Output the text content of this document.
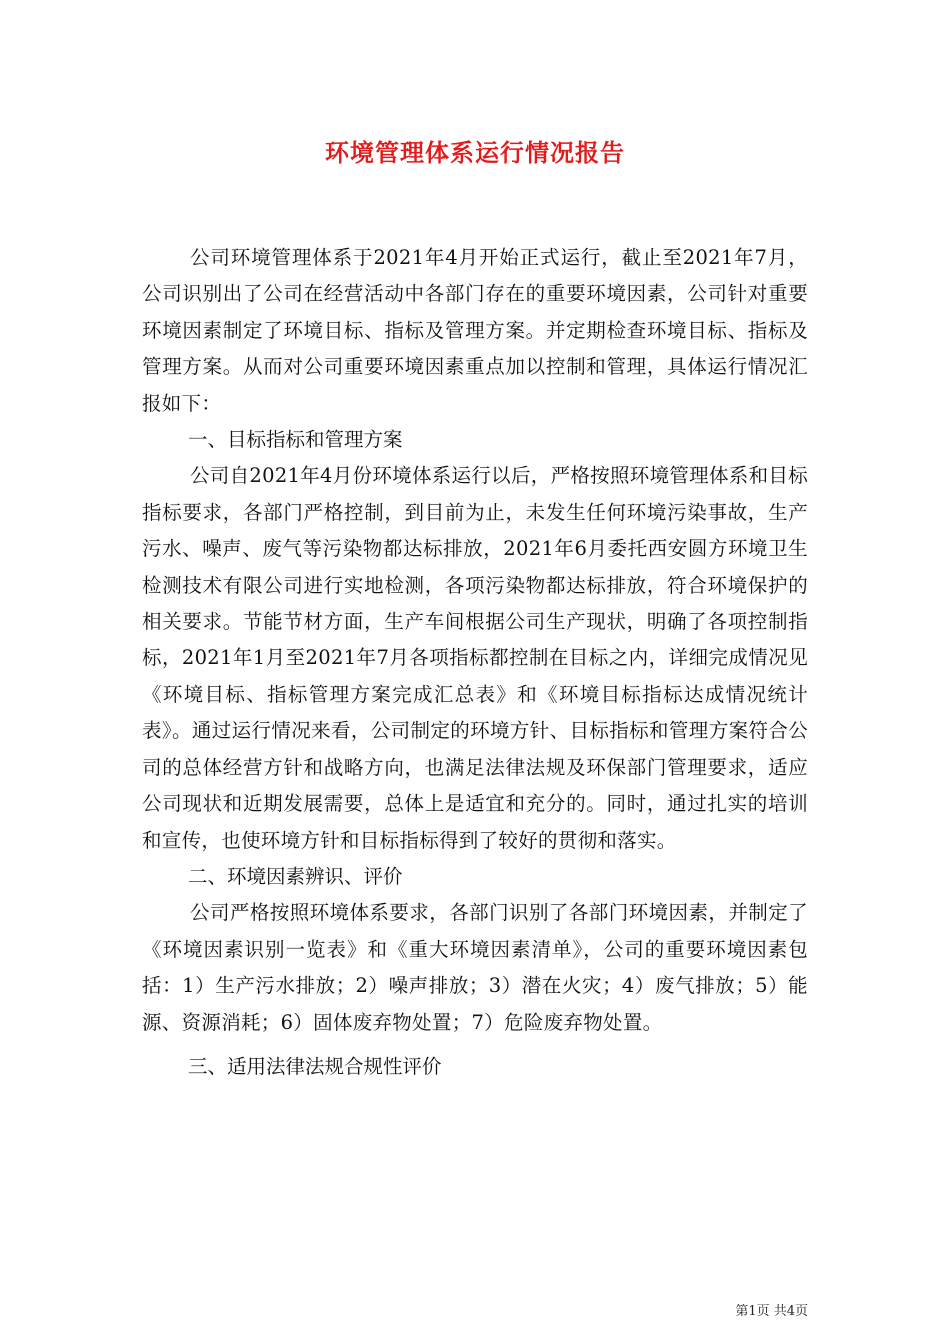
环境管理体系运行情况报告

公司环境管理体系于2021年4月开始正式运行，截止至2021年7月，公司识别出了公司在经营活动中各部门存在的重要环境因素，公司针对重要环境因素制定了环境目标、指标及管理方案。并定期检查环境目标、指标及管理方案。从而对公司重要环境因素重点加以控制和管理，具体运行情况汇报如下：

一、目标指标和管理方案

公司自2021年4月份环境体系运行以后，严格按照环境管理体系和目标指标要求，各部门严格控制，到目前为止，未发生任何环境污染事故，生产污水、噪声、废气等污染物都达标排放，2021年6月委托西安圆方环境卫生检测技术有限公司进行实地检测，各项污染物都达标排放，符合环境保护的相关要求。节能节材方面，生产车间根据公司生产现状，明确了各项控制指标，2021年1月至2021年7月各项指标都控制在目标之内，详细完成情况见《环境目标、指标管理方案完成汇总表》和《环境目标指标达成情况统计表》。通过运行情况来看，公司制定的环境方针、目标指标和管理方案符合公司的总体经营方针和战略方向，也满足法律法规及环保部门管理要求，适应公司现状和近期发展需要，总体上是适宜和充分的。同时，通过扎实的培训和宣传，也使环境方针和目标指标得到了较好的贯彻和落实。

二、环境因素辨识、评价

公司严格按照环境体系要求，各部门识别了各部门环境因素，并制定了《环境因素识别一览表》和《重大环境因素清单》，公司的重要环境因素包括：1）生产污水排放；2）噪声排放；3）潜在火灾；4）废气排放；5）能源、资源消耗；6）固体废弃物处置；7）危险废弃物处置。

三、适用法律法规合规性评价

第1页 共4页
